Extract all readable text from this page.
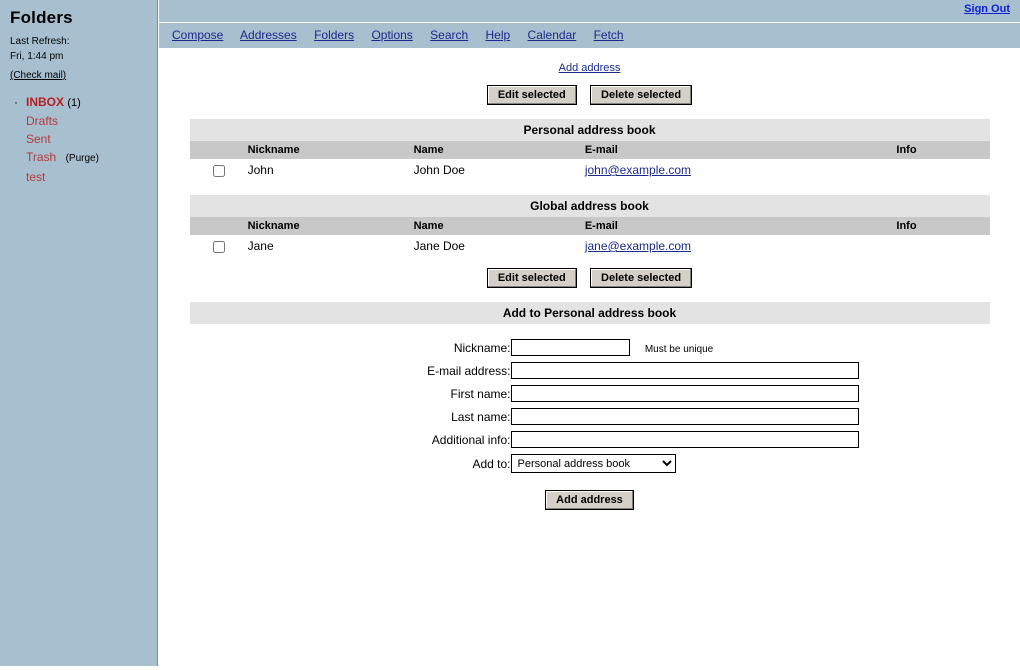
Folders
Last Refresh:
Fri, 1:44 pm
(Check mail)
· INBOX (1)
Drafts
Sent
Trash (Purge)
test
Sign Out
Compose Addresses Folders Options Search Help Calendar Fetch
Add address
Edit selected	Delete selected
Personal address book
	Nickname	Name	E-mail	Info
	John	John Doe	john@example.com	
Global address book
	Nickname	Name	E-mail	Info
	Jane	Jane Doe	jane@example.com	
Edit selected	Delete selected
Add to Personal address book
Nickname:	Must be unique
E-mail address:	
First name:	
Last name:	
Additional info:	
Add to:	
Personal address book
Add address
